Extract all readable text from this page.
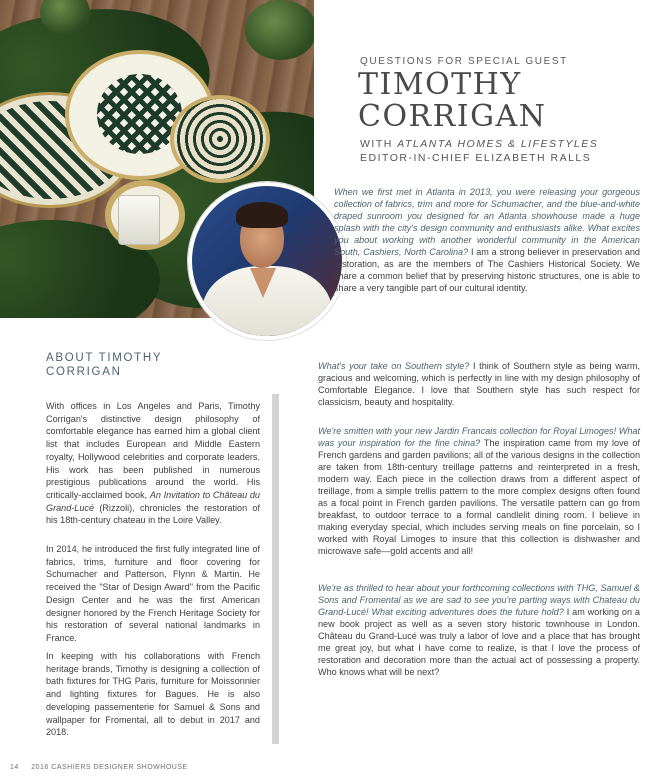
QUESTIONS FOR SPECIAL GUEST
TIMOTHY
CORRIGAN
WITH ATLANTA HOMES & LIFESTYLES
EDITOR-IN-CHIEF ELIZABETH RALLS
When we first met in Atlanta in 2013, you were releasing your gorgeous collection of fabrics, trim and more for Schumacher, and the blue-and-white draped sunroom you designed for an Atlanta showhouse made a huge splash with the city's design community and enthusiasts alike. What excites you about working with another wonderful community in the American South, Cashiers, North Carolina? I am a strong believer in preservation and restoration, as are the members of The Cashiers Historical Society. We share a common belief that by preserving historic structures, one is able to share a very tangible part of our cultural identity.
What's your take on Southern style? I think of Southern style as being warm, gracious and welcoming, which is perfectly in line with my design philosophy of Comfortable Elegance. I love that Southern style has such respect for classicism, beauty and hospitality.
We're smitten with your new Jardin Francais collection for Royal Limoges! What was your inspiration for the fine china? The inspiration came from my love of French gardens and garden pavilions; all of the various designs in the collection are taken from 18th-century treillage patterns and reinterpreted in a fresh, modern way. Each piece in the collection draws from a different aspect of treillage, from a simple trellis pattern to the more complex designs often found as a focal point in French garden pavilions. The versatile pattern can go from breakfast, to outdoor terrace to a formal candlelit dining room. I believe in making everyday special, which includes serving meals on fine porcelain, so I worked with Royal Limoges to insure that this collection is dishwasher and microwave safe—gold accents and all!
We're as thrilled to hear about your forthcoming collections with THG, Samuel & Sons and Fromental as we are sad to see you're parting ways with Chateau du Grand-Lucé! What exciting adventures does the future hold? I am working on a new book project as well as a seven story historic townhouse in London. Château du Grand-Lucé was truly a labor of love and a place that has brought me great joy, but what I have come to realize, is that I love the process of restoration and decoration more than the actual act of possessing a property. Who knows what will be next?
ABOUT TIMOTHY
CORRIGAN
With offices in Los Angeles and Paris, Timothy Corrigan's distinctive design philosophy of comfortable elegance has earned him a global client list that includes European and Middle Eastern royalty, Hollywood celebrities and corporate leaders. His work has been published in numerous prestigious publications around the world. His critically-acclaimed book, An Invitation to Château du Grand-Lucé (Rizzoli), chronicles the restoration of his 18th-century chateau in the Loire Valley.
In 2014, he introduced the first fully integrated line of fabrics, trims, furniture and floor covering for Schumacher and Patterson, Flynn & Martin. He received the "Star of Design Award" from the Pacific Design Center and he was the first American designer honored by the French Heritage Society for his restoration of several national landmarks in France.
In keeping with his collaborations with French heritage brands, Timothy is designing a collection of bath fixtures for THG Paris, furniture for Moissonnier and lighting fixtures for Bagues. He is also developing passementerie for Samuel & Sons and wallpaper for Fromental, all to debut in 2017 and 2018.
14 2016 CASHIERS DESIGNER SHOWHOUSE
